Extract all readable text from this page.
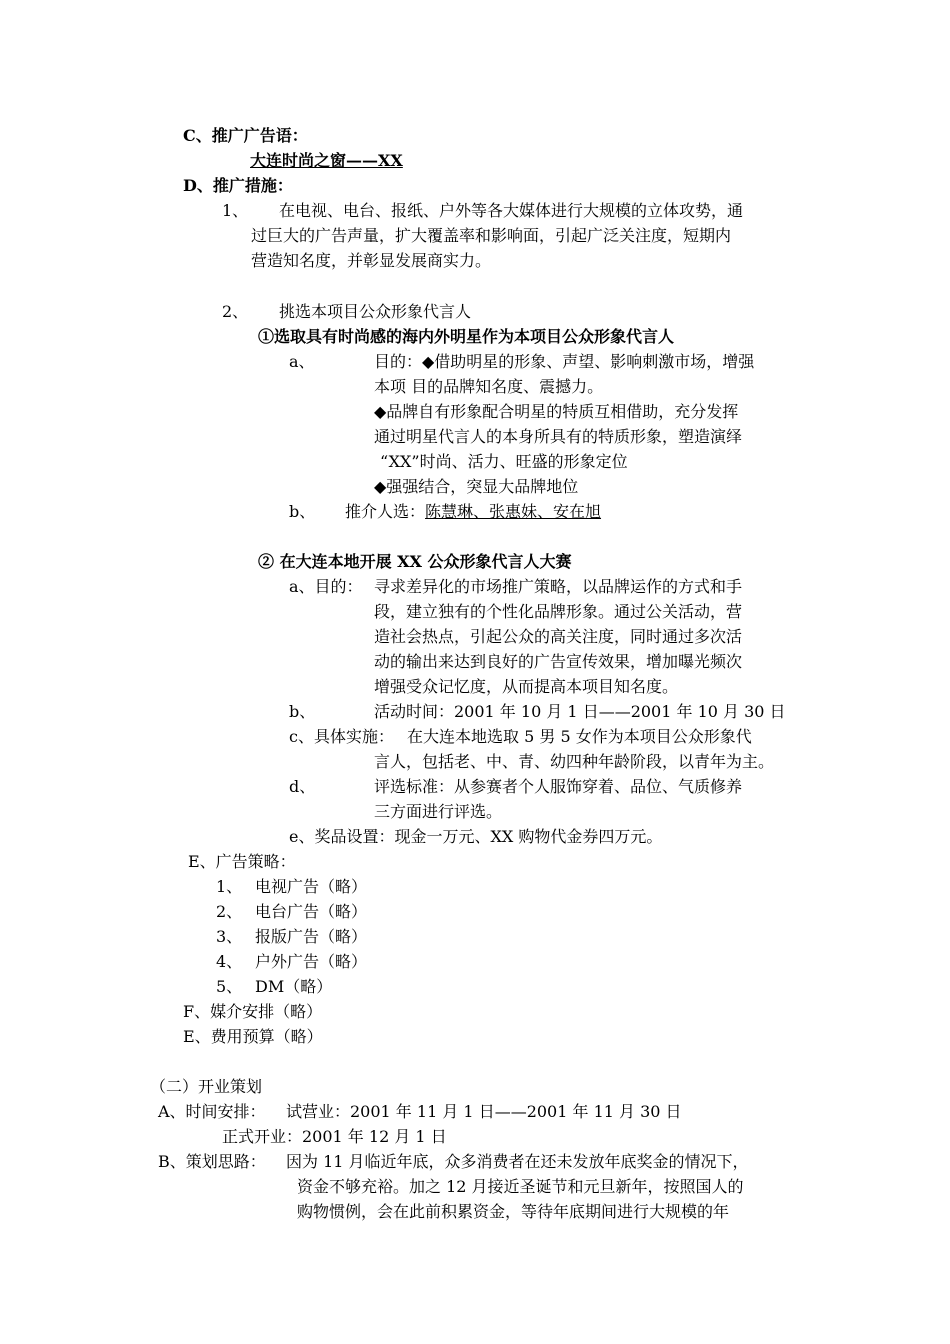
C、推广广告语：
大连时尚之窗——XX
D、推广措施：
1、 在电视、电台、报纸、户外等各大媒体进行大规模的立体攻势，通
过巨大的广告声量，扩大覆盖率和影响面，引起广泛关注度，短期内
营造知名度，并彰显发展商实力。
2、 挑选本项目公众形象代言人
①选取具有时尚感的海内外明星作为本项目公众形象代言人
a、	目的：◆借助明星的形象、声望、影响刺激市场，增强
本项 目的品牌知名度、震撼力。
◆品牌自有形象配合明星的特质互相借助，充分发挥
通过明星代言人的本身所具有的特质形象，塑造演绎
“XX”时尚、活力、旺盛的形象定位
◆强强结合，突显大品牌地位
b、 推介人选：陈慧琳、张惠妹、安在旭
② 在大连本地开展 XX 公众形象代言人大赛
a、目的： 寻求差异化的市场推广策略，以品牌运作的方式和手
段，建立独有的个性化品牌形象。通过公关活动，营
造社会热点，引起公众的高关注度，同时通过多次活
动的输出来达到良好的广告宣传效果，增加曝光频次
增强受众记忆度，从而提高本项目知名度。
b、	活动时间：2001 年 10 月 1 日——2001 年 10 月 30 日
c、具体实施： 在大连本地选取 5 男 5 女作为本项目公众形象代
言人，包括老、中、青、幼四种年龄阶段，以青年为主。
d、	评选标准：从参赛者个人服饰穿着、品位、气质修养
三方面进行评选。
e、奖品设置：现金一万元、XX 购物代金券四万元。
E、广告策略：
1、 电视广告（略）
2、 电台广告（略）
3、 报版广告（略）
4、 户外广告（略）
5、 DM（略）
F、媒介安排（略）
E、费用预算（略）
（二）开业策划
A、时间安排： 试营业：2001 年 11 月 1 日——2001 年 11 月 30 日
正式开业：2001 年 12 月 1 日
B、策划思路： 因为 11 月临近年底，众多消费者在还未发放年底奖金的情况下，
资金不够充裕。加之 12 月接近圣诞节和元旦新年，按照国人的
购物惯例，会在此前积累资金，等待年底期间进行大规模的年
